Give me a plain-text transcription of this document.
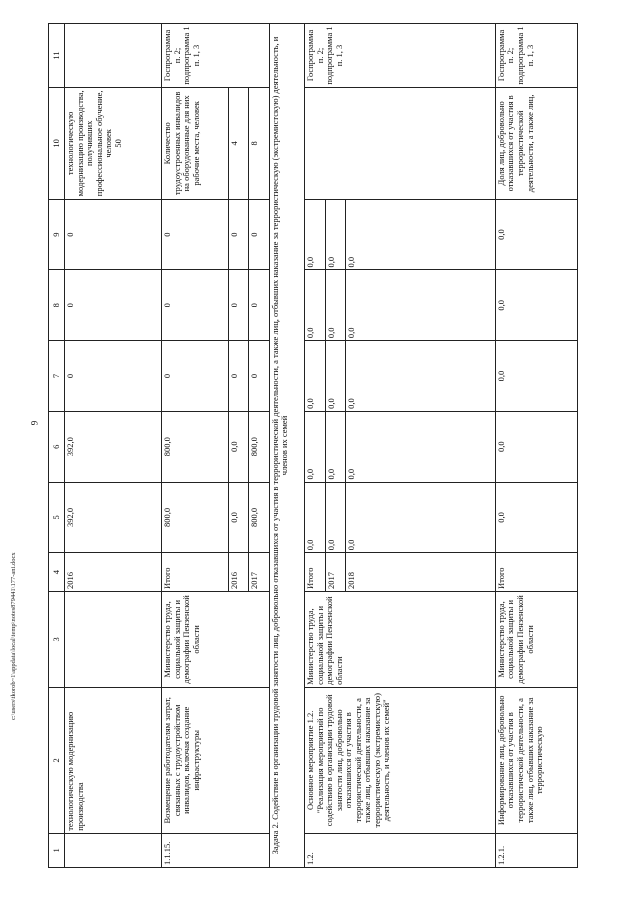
9
c:\users\tkorob~1\appdata\local\temp\notes879441\177-ani.docx
1	2	3	4	5	6	7	8	9	10	11
	технологическую модернизацию производства		2016	392,0	392,0	0	0	0	технологическую модернизацию производства, получивших профессиональное обучение, человек 50	

1.1.15.	Возмещение работодателям затрат, связанных с трудоустройством инвалидов, включая создание инфраструктуры	Министерство труда, социальной защиты и демографии Пензенской области	Итого	800,0	800,0	0	0	0	Количество трудоустроенных инвалидов на оборудованные для них рабочие места, человек	Госпрограмма п. 2; подпрограмма 1 п. 1, 3
			2016	0,0	0,0	0	0	0	4	
			2017	800,0	800,0	0	0	0	8	
Задача 2. Содействие в организации трудовой занятости лиц, добровольно отказавшихся от участия в террористической деятельности, а также лиц, отбывших наказание за террористическую (экстремистскую) деятельность, и членов их семей										
1.2.	Основное мероприятие 1.2. "Реализация мероприятий по содействию в организации трудовой занятости лиц, добровольно отказавшихся от участия в террористической деятельности, а также лиц, отбывших наказание за террористическую (экстремистскую) деятельность, и членов их семей"	Министерство труда, социальной защиты и демографии Пензенской области	Итого	0,0	0,0	0,0	0,0	0,0		Госпрограмма п. 2; подпрограмма 1 п. 1, 3
			2017	0,0	0,0	0,0	0,0	0,0		
			2018	0,0	0,0	0,0	0,0	0,0		
1.2.1.	Информирование лиц, добровольно отказавшихся от участия в террористической деятельности, а также лиц, отбывших наказание за террористическую	Министерство труда, социальной защиты и демографии Пензенской области	Итого	0,0	0,0	0,0	0,0	0,0	Доля лиц, добровольно отказавшихся от участия в террористической деятельности, а также лиц,	Госпрограмма п. 2; подпрограмма 1 п. 1, 3
